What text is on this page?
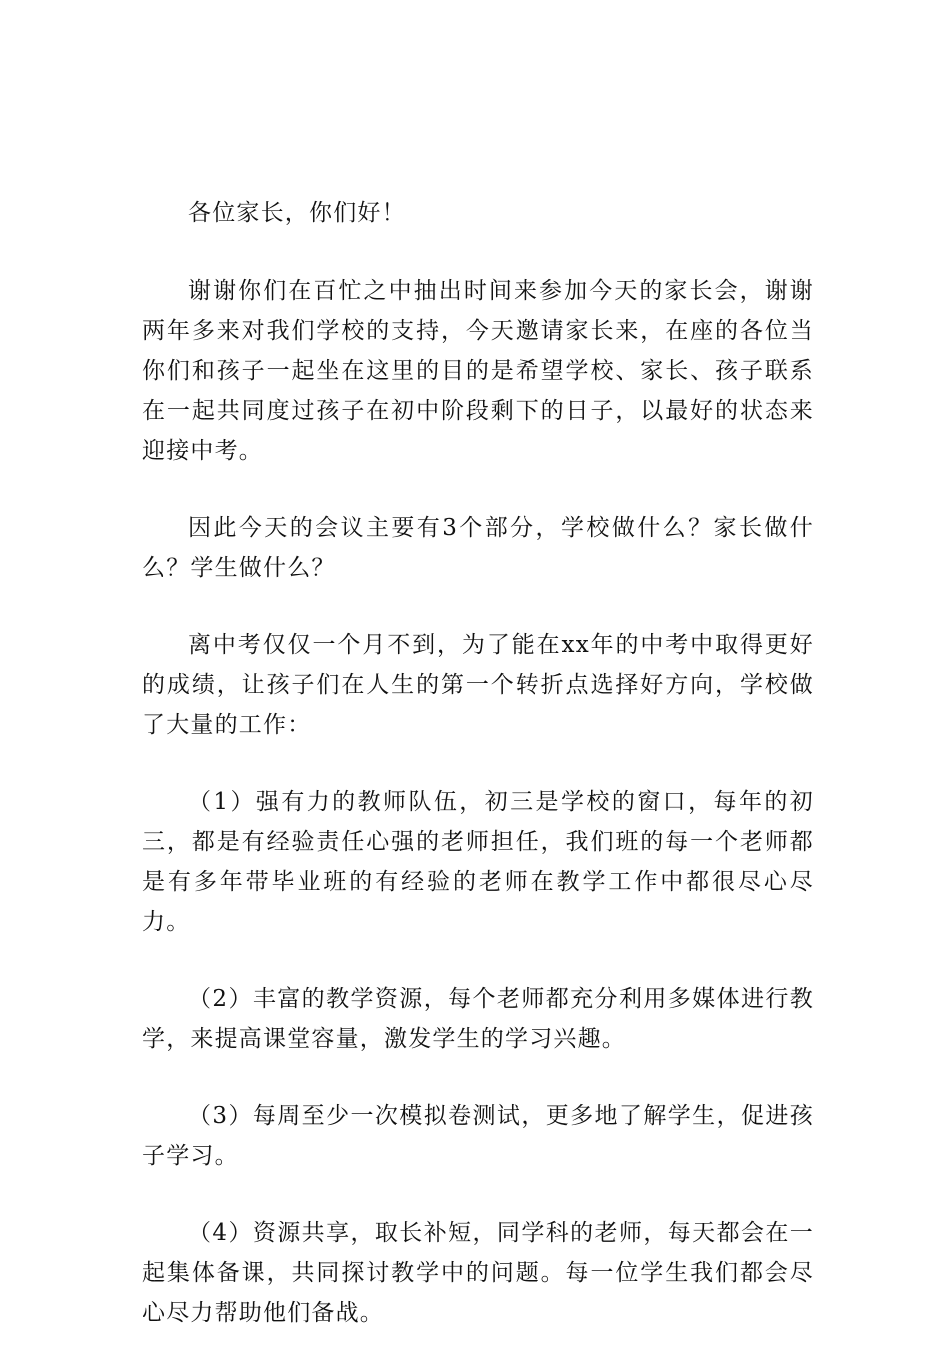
各位家长，你们好！

谢谢你们在百忙之中抽出时间来参加今天的家长会，谢谢两年多来对我们学校的支持，今天邀请家长来，在座的各位当你们和孩子一起坐在这里的目的是希望学校、家长、孩子联系在一起共同度过孩子在初中阶段剩下的日子，以最好的状态来迎接中考。

因此今天的会议主要有3个部分，学校做什么？家长做什么？学生做什么？

离中考仅仅一个月不到，为了能在xx年的中考中取得更好的成绩，让孩子们在人生的第一个转折点选择好方向，学校做了大量的工作：

（1）强有力的教师队伍，初三是学校的窗口，每年的初三，都是有经验责任心强的老师担任，我们班的每一个老师都是有多年带毕业班的有经验的老师在教学工作中都很尽心尽力。

（2）丰富的教学资源，每个老师都充分利用多媒体进行教学，来提高课堂容量，激发学生的学习兴趣。

（3）每周至少一次模拟卷测试，更多地了解学生，促进孩子学习。

（4）资源共享，取长补短，同学科的老师，每天都会在一起集体备课，共同探讨教学中的问题。每一位学生我们都会尽心尽力帮助他们备战。
